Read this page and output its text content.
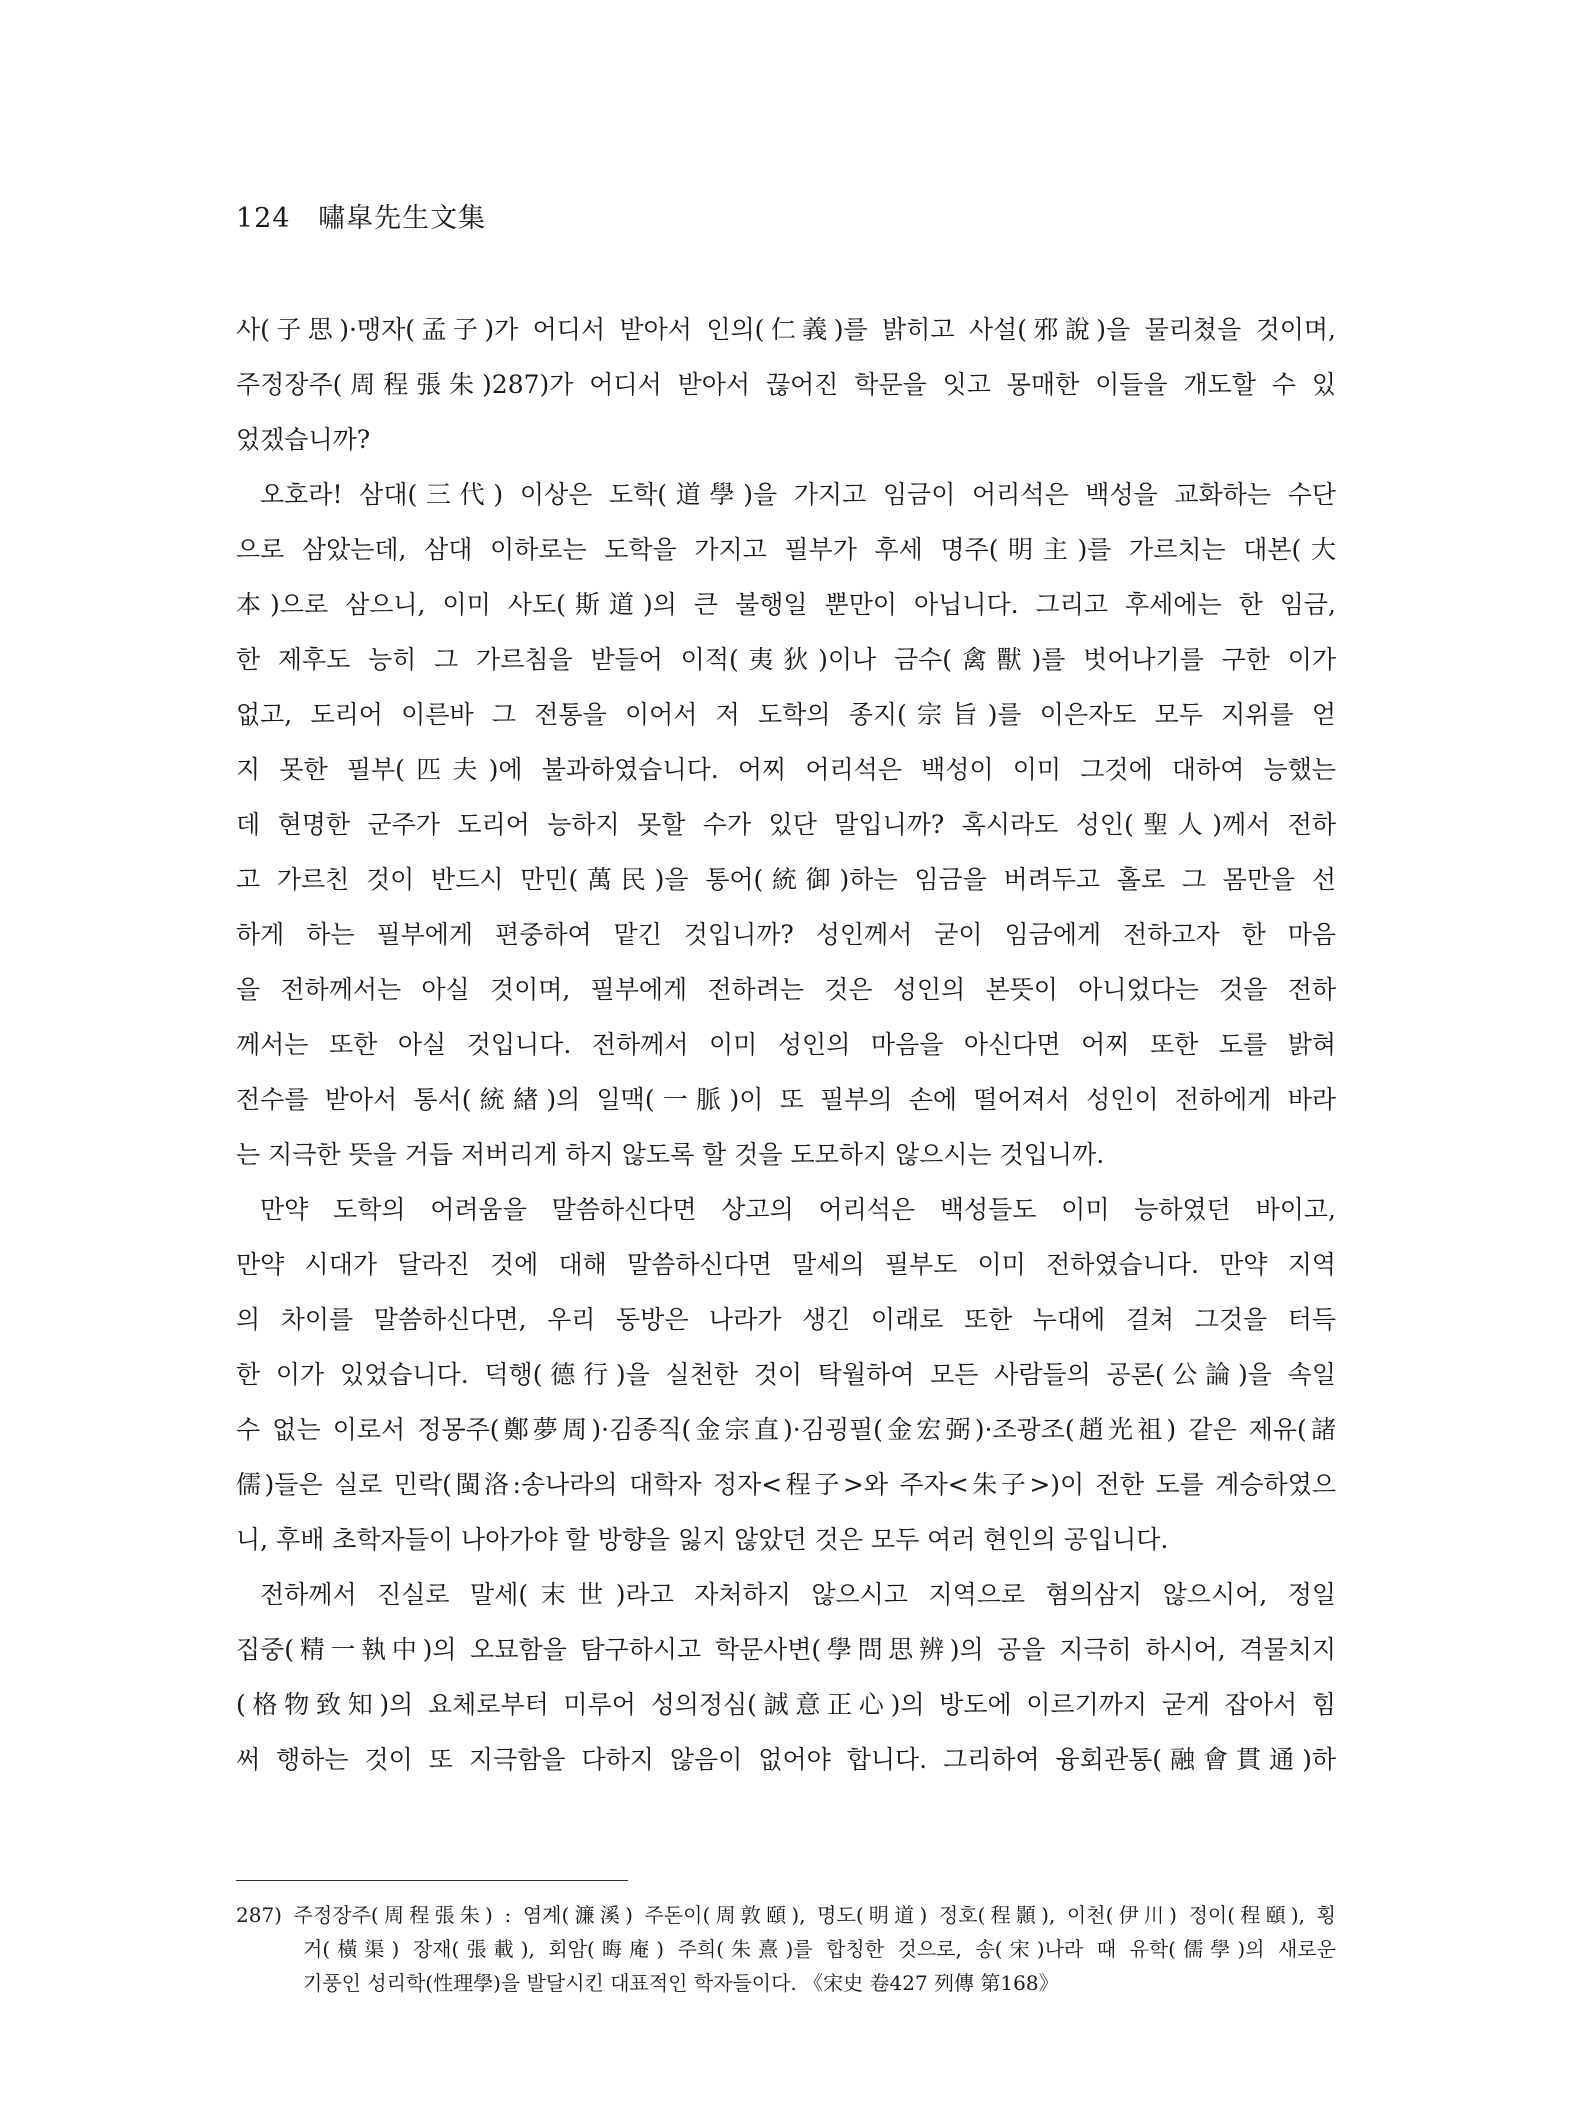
124 嘯皐先生文集
사(子思)·맹자(孟子)가 어디서 받아서 인의(仁義)를 밝히고 사설(邪說)을 물리쳤을 것이며,
주정장주(周程張朱)287)가 어디서 받아서 끊어진 학문을 잇고 몽매한 이들을 개도할 수 있
었겠습니까?
오호라! 삼대(三代) 이상은 도학(道學)을 가지고 임금이 어리석은 백성을 교화하는 수단
으로 삼았는데, 삼대 이하로는 도학을 가지고 필부가 후세 명주(明主)를 가르치는 대본(大
本)으로 삼으니, 이미 사도(斯道)의 큰 불행일 뿐만이 아닙니다. 그리고 후세에는 한 임금,
한 제후도 능히 그 가르침을 받들어 이적(夷狄)이나 금수(禽獸)를 벗어나기를 구한 이가
없고, 도리어 이른바 그 전통을 이어서 저 도학의 종지(宗旨)를 이은자도 모두 지위를 얻
지 못한 필부(匹夫)에 불과하였습니다. 어찌 어리석은 백성이 이미 그것에 대하여 능했는
데 현명한 군주가 도리어 능하지 못할 수가 있단 말입니까? 혹시라도 성인(聖人)께서 전하
고 가르친 것이 반드시 만민(萬民)을 통어(統御)하는 임금을 버려두고 홀로 그 몸만을 선
하게 하는 필부에게 편중하여 맡긴 것입니까? 성인께서 굳이 임금에게 전하고자 한 마음
을 전하께서는 아실 것이며, 필부에게 전하려는 것은 성인의 본뜻이 아니었다는 것을 전하
께서는 또한 아실 것입니다. 전하께서 이미 성인의 마음을 아신다면 어찌 또한 도를 밝혀
전수를 받아서 통서(統緖)의 일맥(一脈)이 또 필부의 손에 떨어져서 성인이 전하에게 바라
는 지극한 뜻을 거듭 저버리게 하지 않도록 할 것을 도모하지 않으시는 것입니까.
만약 도학의 어려움을 말씀하신다면 상고의 어리석은 백성들도 이미 능하였던 바이고,
만약 시대가 달라진 것에 대해 말씀하신다면 말세의 필부도 이미 전하였습니다. 만약 지역
의 차이를 말씀하신다면, 우리 동방은 나라가 생긴 이래로 또한 누대에 걸쳐 그것을 터득
한 이가 있었습니다. 덕행(德行)을 실천한 것이 탁월하여 모든 사람들의 공론(公論)을 속일
수 없는 이로서 정몽주(鄭夢周)·김종직(金宗直)·김굉필(金宏弼)·조광조(趙光祖) 같은 제유(諸
儒)들은 실로 민락(閩洛:송나라의 대학자 정자<程子>와 주자<朱子>)이 전한 도를 계승하였으
니, 후배 초학자들이 나아가야 할 방향을 잃지 않았던 것은 모두 여러 현인의 공입니다.
전하께서 진실로 말세(末世)라고 자처하지 않으시고 지역으로 혐의삼지 않으시어, 정일
집중(精一執中)의 오묘함을 탐구하시고 학문사변(學問思辨)의 공을 지극히 하시어, 격물치지
(格物致知)의 요체로부터 미루어 성의정심(誠意正心)의 방도에 이르기까지 굳게 잡아서 힘
써 행하는 것이 또 지극함을 다하지 않음이 없어야 합니다. 그리하여 융회관통(融會貫通)하
287) 주정장주(周程張朱) : 염계(濂溪) 주돈이(周敦頤), 명도(明道) 정호(程顥), 이천(伊川) 정이(程頤), 횡
거(橫渠) 장재(張載), 회암(晦庵) 주희(朱熹)를 합칭한 것으로, 송(宋)나라 때 유학(儒學)의 새로운
기풍인 성리학(性理學)을 발달시킨 대표적인 학자들이다. 《宋史 卷427 列傳 第168》
